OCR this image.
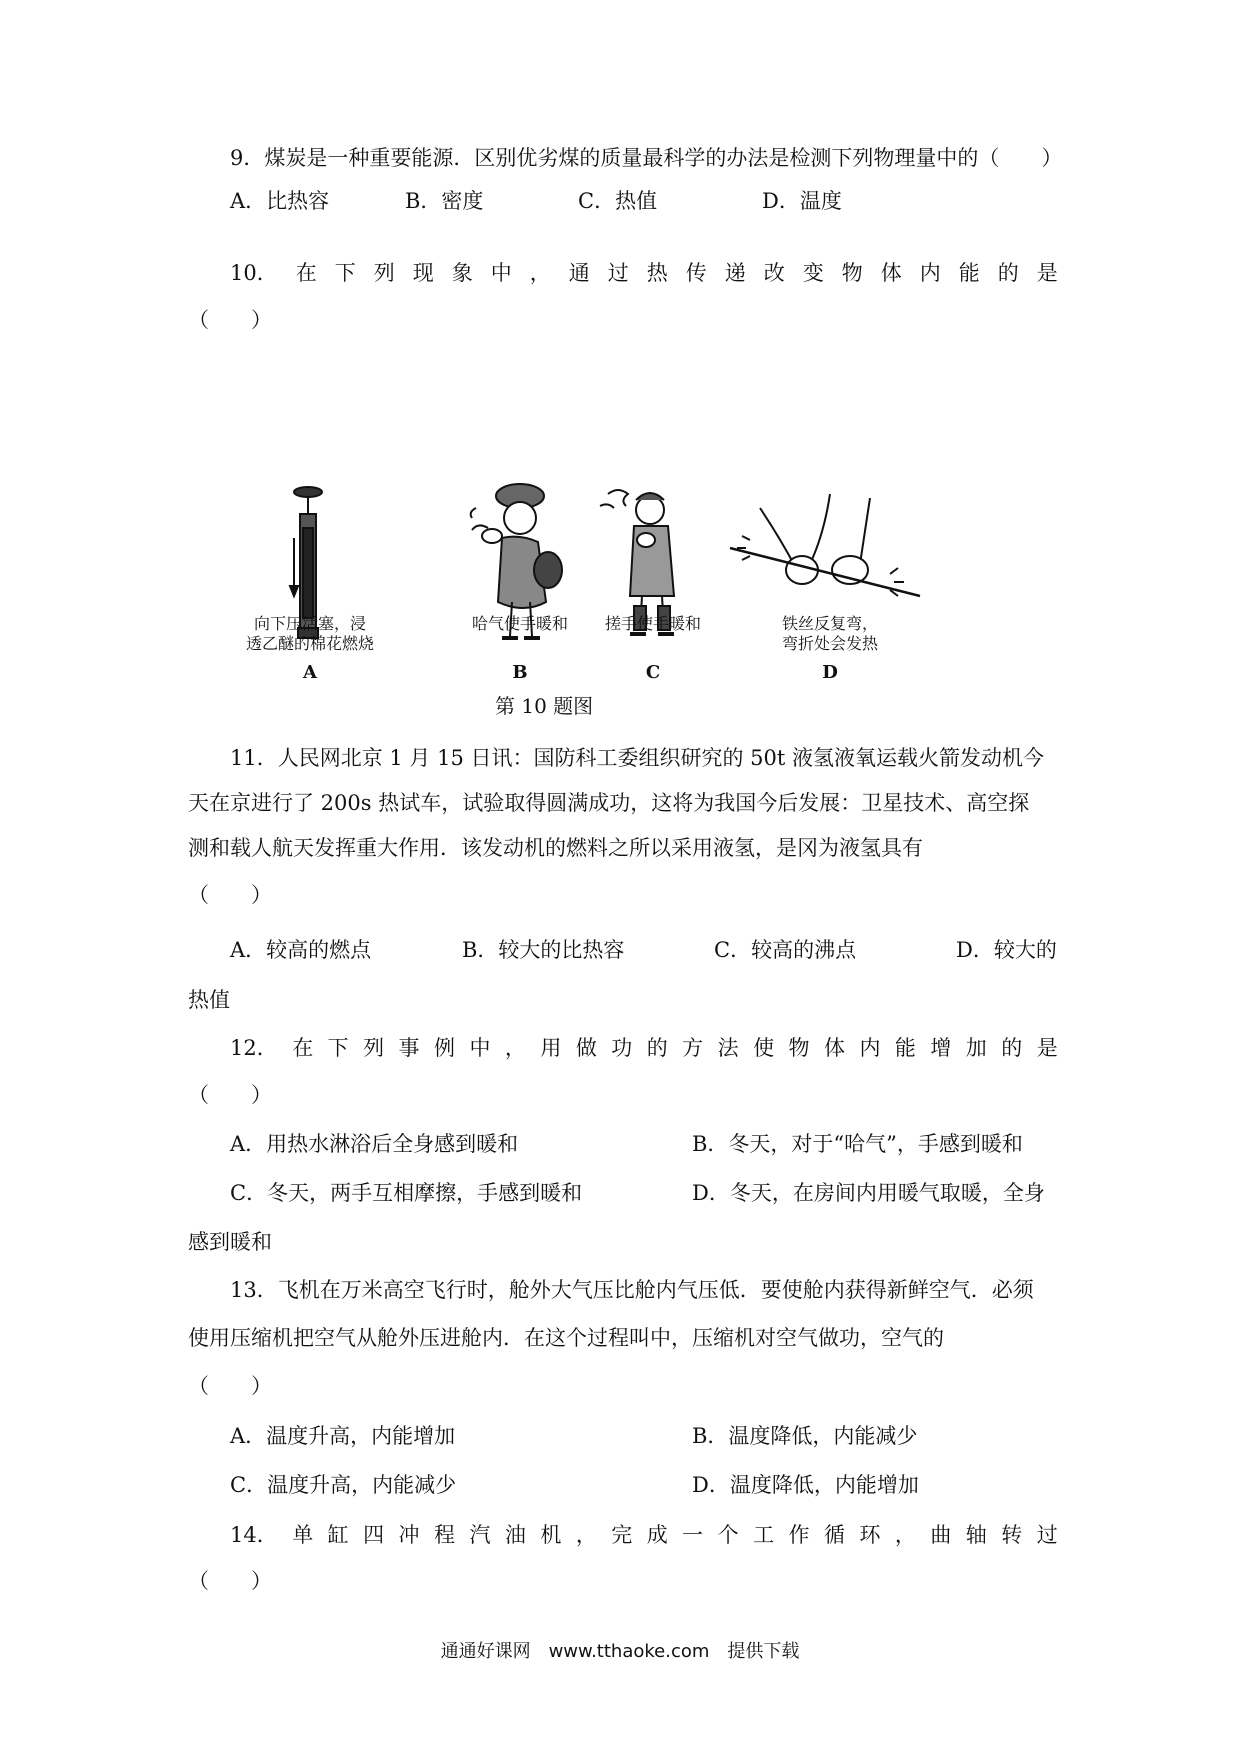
9．煤炭是一种重要能源．区别优劣煤的质量最科学的办法是检测下列物理量中的（　　）
A．比热容	B．密度	C．热值	D．温度
10． 在 下 列 现 象 中 ， 通 过 热 传 递 改 变 物 体 内 能 的 是
（　　）
向下压活塞，浸
透乙醚的棉花燃烧
A
哈气使手暖和
B
搓手使手暖和
C
铁丝反复弯，
弯折处会发热
D
第 10 题图
11．人民网北京 1 月 15 日讯：国防科工委组织研究的 50t 液氢液氧运载火箭发动机今
天在京进行了 200s 热试车，试验取得圆满成功，这将为我国今后发展：卫星技术、高空探
测和载人航天发挥重大作用．该发动机的燃料之所以采用液氢，是冈为液氢具有
（　　）
A．较高的燃点	B．较大的比热容	C．较高的沸点	D．较大的
热值
12． 在 下 列 事 例 中 ， 用 做 功 的 方 法 使 物 体 内 能 增 加 的 是
（　　）
A．用热水淋浴后全身感到暖和	B．冬天，对于“哈气”，手感到暖和
C．冬天，两手互相摩擦，手感到暖和	D．冬天，在房间内用暖气取暖，全身
感到暖和
13．飞机在万米高空飞行时，舱外大气压比舱内气压低．要使舱内获得新鲜空气．必须
使用压缩机把空气从舱外压进舱内．在这个过程叫中，压缩机对空气做功，空气的
（　　）
A．温度升高，内能增加	B．温度降低，内能减少
C．温度升高，内能减少	D．温度降低，内能增加
14． 单 缸 四 冲 程 汽 油 机 ， 完 成 一 个 工 作 循 环 ， 曲 轴 转 过
（　　）
通通好课网　www.tthaoke.com　提供下载
